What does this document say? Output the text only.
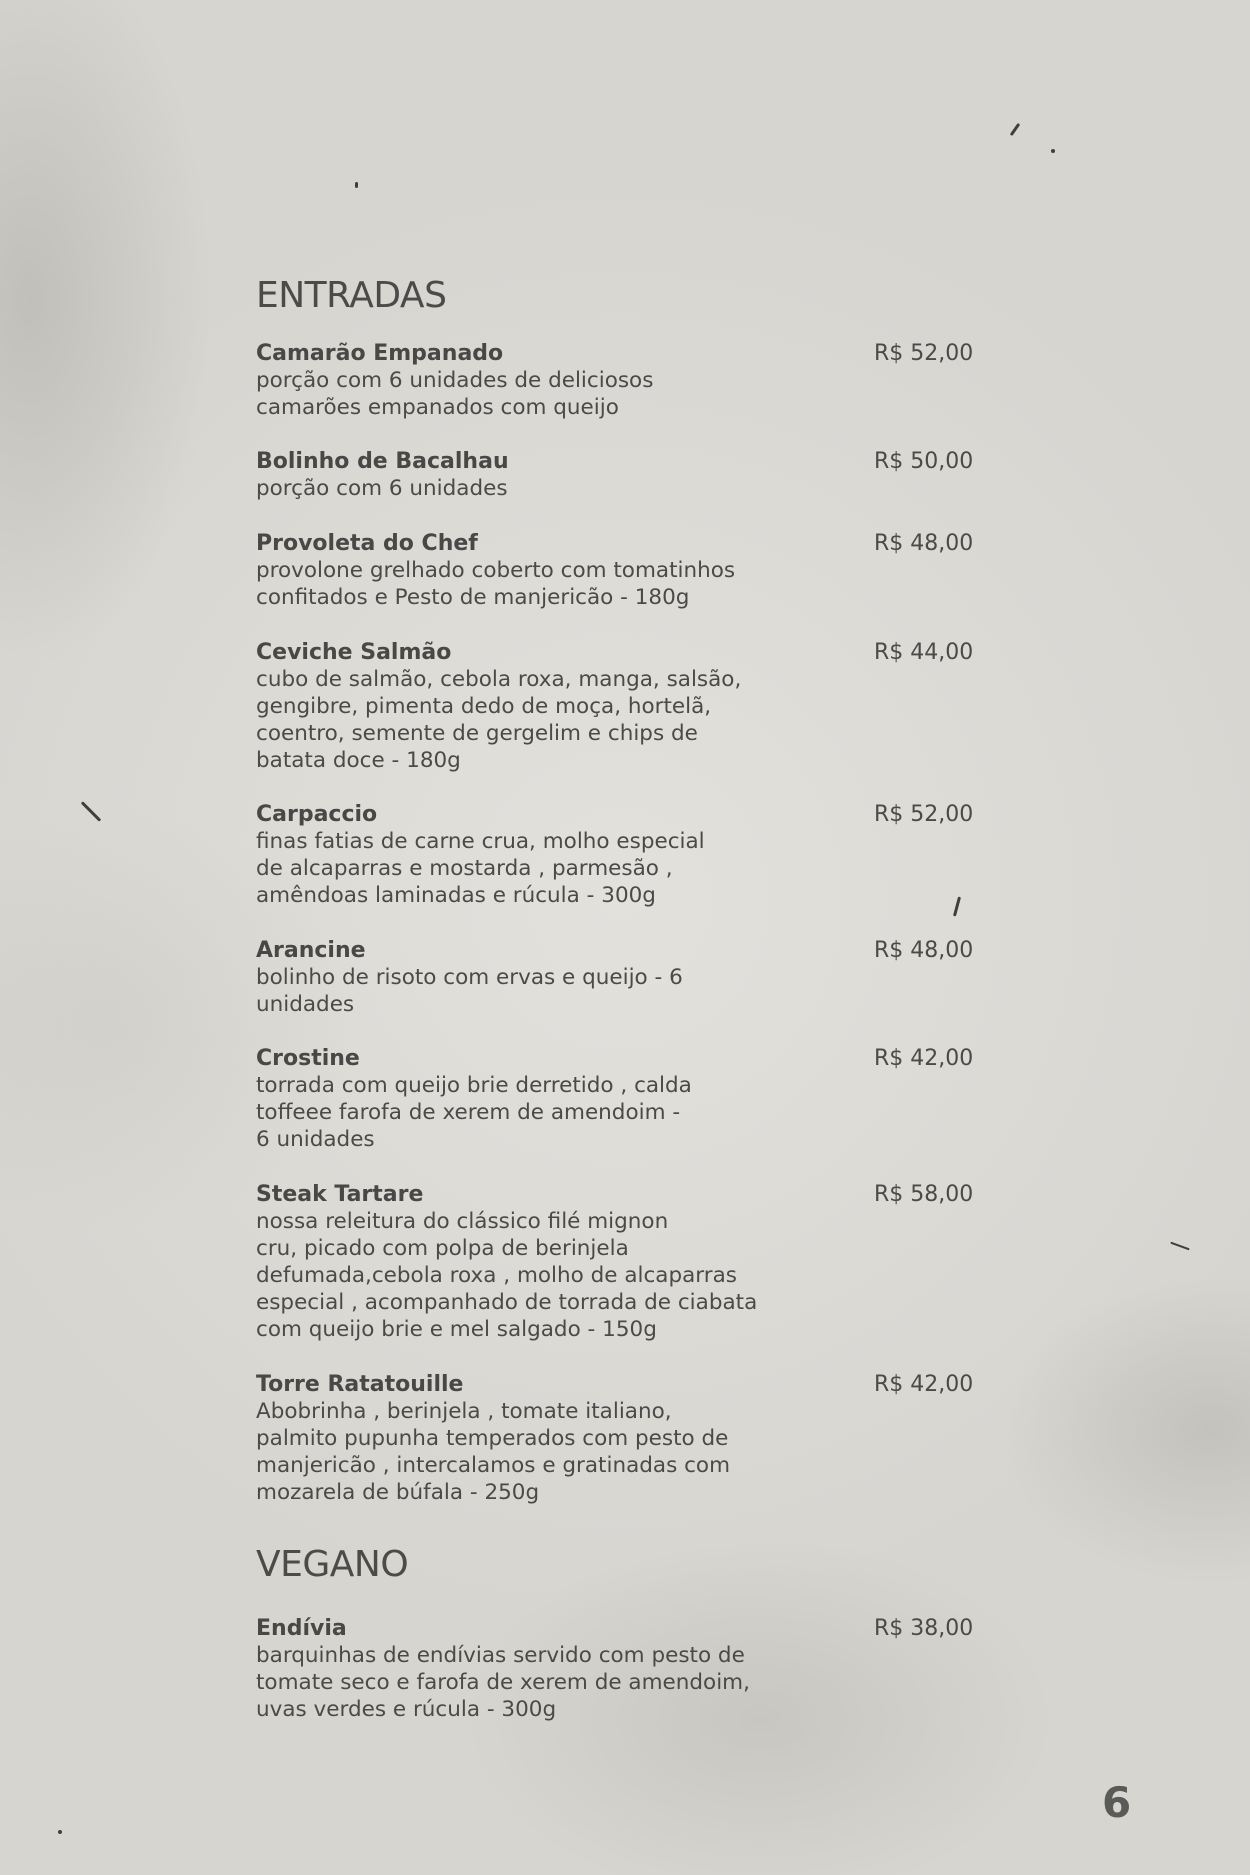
ENTRADAS
Camarão Empanado
porção com 6 unidades de deliciosos
camarões empanados com queijo
R$ 52,00
Bolinho de Bacalhau
porção com 6 unidades
R$ 50,00
Provoleta do Chef
provolone grelhado coberto com tomatinhos
confitados e Pesto de manjericão - 180g
R$ 48,00
Ceviche Salmão
cubo de salmão, cebola roxa, manga, salsão,
gengibre, pimenta dedo de moça, hortelã,
coentro, semente de gergelim e chips de
batata doce - 180g
R$ 44,00
Carpaccio
finas fatias de carne crua, molho especial
de alcaparras e mostarda , parmesão ,
amêndoas laminadas e rúcula - 300g
R$ 52,00
Arancine
bolinho de risoto com ervas e queijo - 6
unidades
R$ 48,00
Crostine
torrada com queijo brie derretido , calda
toffeee farofa de xerem de amendoim -
6 unidades
R$ 42,00
Steak Tartare
nossa releitura do clássico filé mignon
cru, picado com polpa de berinjela
defumada,cebola roxa , molho de alcaparras
especial , acompanhado de torrada de ciabata
com queijo brie e mel salgado - 150g
R$ 58,00
Torre Ratatouille
Abobrinha , berinjela , tomate italiano,
palmito pupunha temperados com pesto de
manjericão , intercalamos e gratinadas com
mozarela de búfala - 250g
R$ 42,00
VEGANO
Endívia
barquinhas de endívias servido com pesto de
tomate seco e farofa de xerem de amendoim,
uvas verdes e rúcula - 300g
R$ 38,00
6
